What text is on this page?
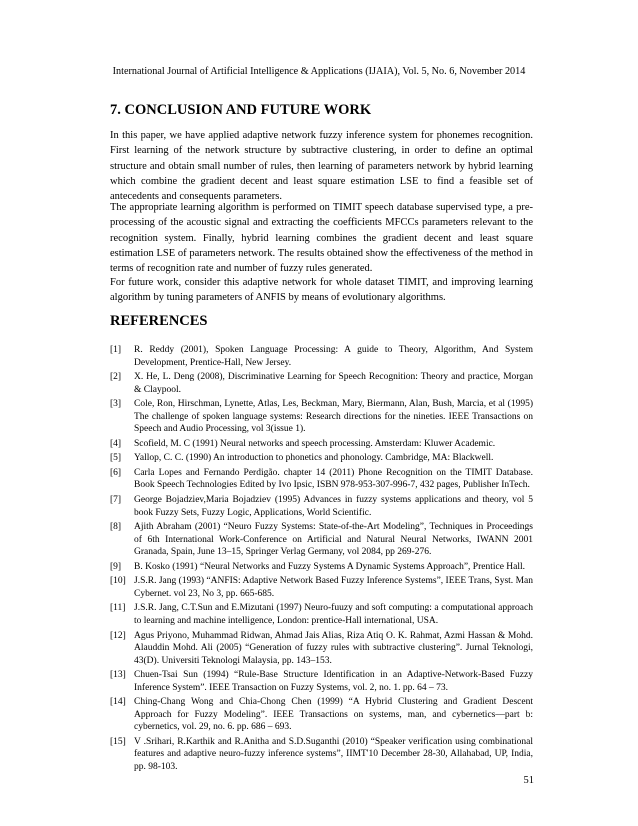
International Journal of Artificial Intelligence & Applications (IJAIA), Vol. 5, No. 6, November 2014
7. CONCLUSION AND FUTURE WORK

In this paper, we have applied adaptive network fuzzy inference system for phonemes recognition. First learning of the network structure by subtractive clustering, in order to define an optimal structure and obtain small number of rules, then learning of parameters network by hybrid learning which combine the gradient decent and least square estimation LSE to find a feasible set of antecedents and consequents parameters.

The appropriate learning algorithm is performed on TIMIT speech database supervised type, a pre-processing of the acoustic signal and extracting the coefficients MFCCs parameters relevant to the recognition system. Finally, hybrid learning combines the gradient decent and least square estimation LSE of parameters network. The results obtained show the effectiveness of the method in terms of recognition rate and number of fuzzy rules generated.

For future work, consider this adaptive network for whole dataset TIMIT, and improving learning algorithm by tuning parameters of ANFIS by means of evolutionary algorithms.

REFERENCES
[1]	R. Reddy (2001), Spoken Language Processing: A guide to Theory, Algorithm, And System Development, Prentice-Hall, New Jersey.
[2]	X. He, L. Deng (2008), Discriminative Learning for Speech Recognition: Theory and practice, Morgan & Claypool.
[3]	Cole, Ron, Hirschman, Lynette, Atlas, Les, Beckman, Mary, Biermann, Alan, Bush, Marcia, et al (1995) The challenge of spoken language systems: Research directions for the nineties. IEEE Transactions on Speech and Audio Processing, vol 3(issue 1).
[4]	Scofield, M. C (1991) Neural networks and speech processing. Amsterdam: Kluwer Academic.
[5]	Yallop, C. C. (1990) An introduction to phonetics and phonology. Cambridge, MA: Blackwell.
[6]	Carla Lopes and Fernando Perdigão. chapter 14 (2011) Phone Recognition on the TIMIT Database. Book Speech Technologies Edited by Ivo Ipsic, ISBN 978-953-307-996-7, 432 pages, Publisher InTech.
[7]	George Bojadziev,Maria Bojadziev (1995) Advances in fuzzy systems applications and theory, vol 5 book Fuzzy Sets, Fuzzy Logic, Applications, World Scientific.
[8]	Ajith Abraham (2001) “Neuro Fuzzy Systems: State-of-the-Art Modeling”, Techniques in Proceedings of 6th International Work-Conference on Artificial and Natural Neural Networks, IWANN 2001 Granada, Spain, June 13–15, Springer Verlag Germany, vol 2084, pp 269-276.
[9]	B. Kosko (1991) “Neural Networks and Fuzzy Systems A Dynamic Systems Approach”, Prentice Hall.
[10] J.S.R. Jang (1993) “ANFIS: Adaptive Network Based Fuzzy Inference Systems”, IEEE Trans, Syst. Man Cybernet. vol 23, No 3, pp. 665-685.
[11] J.S.R. Jang, C.T.Sun and E.Mizutani (1997) Neuro-fuuzy and soft computing: a computational approach to learning and machine intelligence, London: prentice-Hall international, USA.
[12] Agus Priyono, Muhammad Ridwan, Ahmad Jais Alias, Riza Atiq O. K. Rahmat, Azmi Hassan & Mohd. Alauddin Mohd. Ali (2005) “Generation of fuzzy rules with subtractive clustering”. Jurnal Teknologi, 43(D). Universiti Teknologi Malaysia, pp. 143–153.
[13] Chuen-Tsai Sun (1994) “Rule-Base Structure Identification in an Adaptive-Network-Based Fuzzy Inference System”. IEEE Transaction on Fuzzy Systems, vol. 2, no. 1. pp. 64 – 73.
[14] Ching-Chang Wong and Chia-Chong Chen (1999) “A Hybrid Clustering and Gradient Descent Approach for Fuzzy Modeling”. IEEE Transactions on systems, man, and cybernetics—part b: cybernetics, vol. 29, no. 6. pp. 686 – 693.
[15] V .Srihari, R.Karthik and R.Anitha and S.D.Suganthi (2010) “Speaker verification using combinational features and adaptive neuro-fuzzy inference systems”, IIMT'10 December 28-30, Allahabad, UP, India, pp. 98-103.
51
